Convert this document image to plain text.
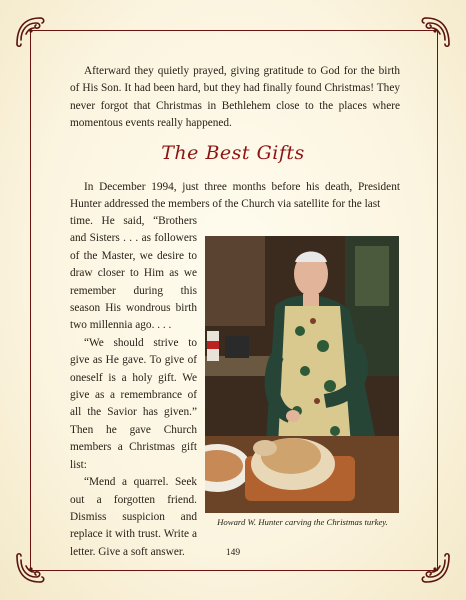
Afterward they quietly prayed, giving gratitude to God for the birth of His Son. It had been hard, but they had finally found Christmas! They never forgot that Christmas in Bethlehem close to the places where momentous events really happened.
The Best Gifts
In December 1994, just three months before his death, President Hunter addressed the members of the Church via satellite for the last

time. He said, “Brothers and Sisters . . . as followers of the Master, we desire to draw closer to Him as we remember during this season His wondrous birth two millennia ago. . . .

“We should strive to give as He gave. To give of oneself is a holy gift. We give as a remembrance of all the Savior has given.” Then he gave Church members a Christmas gift list:

“Mend a quarrel. Seek out a forgotten friend. Dismiss suspicion and replace it with trust. Write a letter. Give a soft answer.

Howard W. Hunter carving the Christmas turkey.
149
